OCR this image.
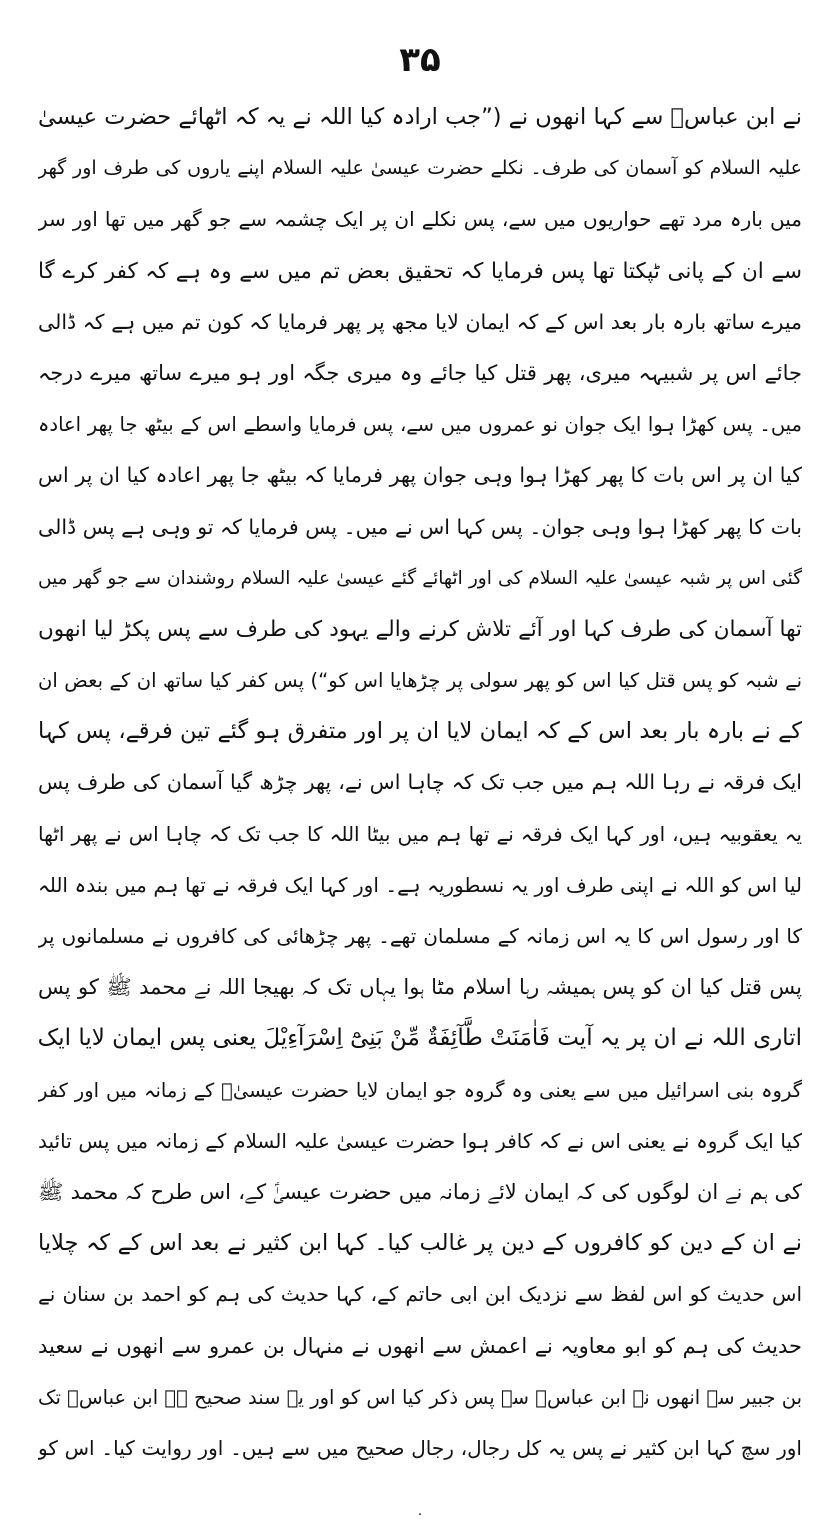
۳۵
نے ابن عباسؓ سے کہا انھوں نے (”جب ارادہ کیا اللہ نے یہ کہ اٹھائے حضرت عیسیٰ
علیہ السلام کو آسمان کی طرف۔ نکلے حضرت عیسیٰ علیہ السلام اپنے یاروں کی طرف اور گھر
میں بارہ مرد تھے حواریوں میں سے، پس نکلے ان پر ایک چشمہ سے جو گھر میں تھا اور سر
سے ان کے پانی ٹپکتا تھا پس فرمایا کہ تحقیق بعض تم میں سے وہ ہے کہ کفر کرے گا
میرے ساتھ بارہ بار بعد اس کے کہ ایمان لایا مجھ پر پھر فرمایا کہ کون تم میں ہے کہ ڈالی
جائے اس پر شبیہہ میری، پھر قتل کیا جائے وہ میری جگہ اور ہو میرے ساتھ میرے درجہ
میں۔ پس کھڑا ہوا ایک جوان نو عمروں میں سے، پس فرمایا واسطے اس کے بیٹھ جا پھر اعادہ
کیا ان پر اس بات کا پھر کھڑا ہوا وہی جوان پھر فرمایا کہ بیٹھ جا پھر اعادہ کیا ان پر اس
بات کا پھر کھڑا ہوا وہی جوان۔ پس کہا اس نے میں۔ پس فرمایا کہ تو وہی ہے پس ڈالی
گئی اس پر شبہ عیسیٰ علیہ السلام کی اور اٹھائے گئے عیسیٰ علیہ السلام روشندان سے جو گھر میں
تھا آسمان کی طرف کہا اور آئے تلاش کرنے والے یہود کی طرف سے پس پکڑ لیا انھوں
نے شبہ کو پس قتل کیا اس کو پھر سولی پر چڑھایا اس کو“) پس کفر کیا ساتھ ان کے بعض ان
کے نے بارہ بار بعد اس کے کہ ایمان لایا ان پر اور متفرق ہو گئے تین فرقے، پس کہا
ایک فرقہ نے رہا اللہ ہم میں جب تک کہ چاہا اس نے، پھر چڑھ گیا آسمان کی طرف پس
یہ یعقوبیہ ہیں، اور کہا ایک فرقہ نے تھا ہم میں بیٹا اللہ کا جب تک کہ چاہا اس نے پھر اٹھا
لیا اس کو اللہ نے اپنی طرف اور یہ نسطوریہ ہے۔ اور کہا ایک فرقہ نے تھا ہم میں بندہ اللہ
کا اور رسول اس کا یہ اس زمانہ کے مسلمان تھے۔ پھر چڑھائی کی کافروں نے مسلمانوں پر
پس قتل کیا ان کو پس ہمیشہ رہا اسلام مٹا ہوا یہاں تک کہ بھیجا اللہ نے محمد ﷺ کو پس
اتاری اللہ نے ان پر یہ آیت فَاٰمَنَتْ طَّآئِفَةٌ مِّنْ بَنِیْٓ اِسْرَآءِیْلَ یعنی پس ایمان لایا ایک
گروہ بنی اسرائیل میں سے یعنی وہ گروہ جو ایمان لایا حضرت عیسیٰؑ کے زمانہ میں اور کفر
کیا ایک گروہ نے یعنی اس نے کہ کافر ہوا حضرت عیسیٰ علیہ السلام کے زمانہ میں پس تائید
کی ہم نے ان لوگوں کی کہ ایمان لائے زمانہ میں حضرت عیسیٰؑ کے، اس طرح کہ محمد ﷺ
نے ان کے دین کو کافروں کے دین پر غالب کیا۔ کہا ابن کثیر نے بعد اس کے کہ چلایا
اس حدیث کو اس لفظ سے نزدیک ابن ابی حاتم کے، کہا حدیث کی ہم کو احمد بن سنان نے
حدیث کی ہم کو ابو معاویہ نے اعمش سے انھوں نے منہال بن عمرو سے انھوں نے سعید
بن جبیر سے انھوں نے ابن عباسؓ سے پس ذکر کیا اس کو اور یہ سند صحیح ہے ابن عباسؓ تک
اور سچ کہا ابن کثیر نے پس یہ کل رجال، رجال صحیح میں سے ہیں۔ اور روایت کیا۔ اس کو
٠
